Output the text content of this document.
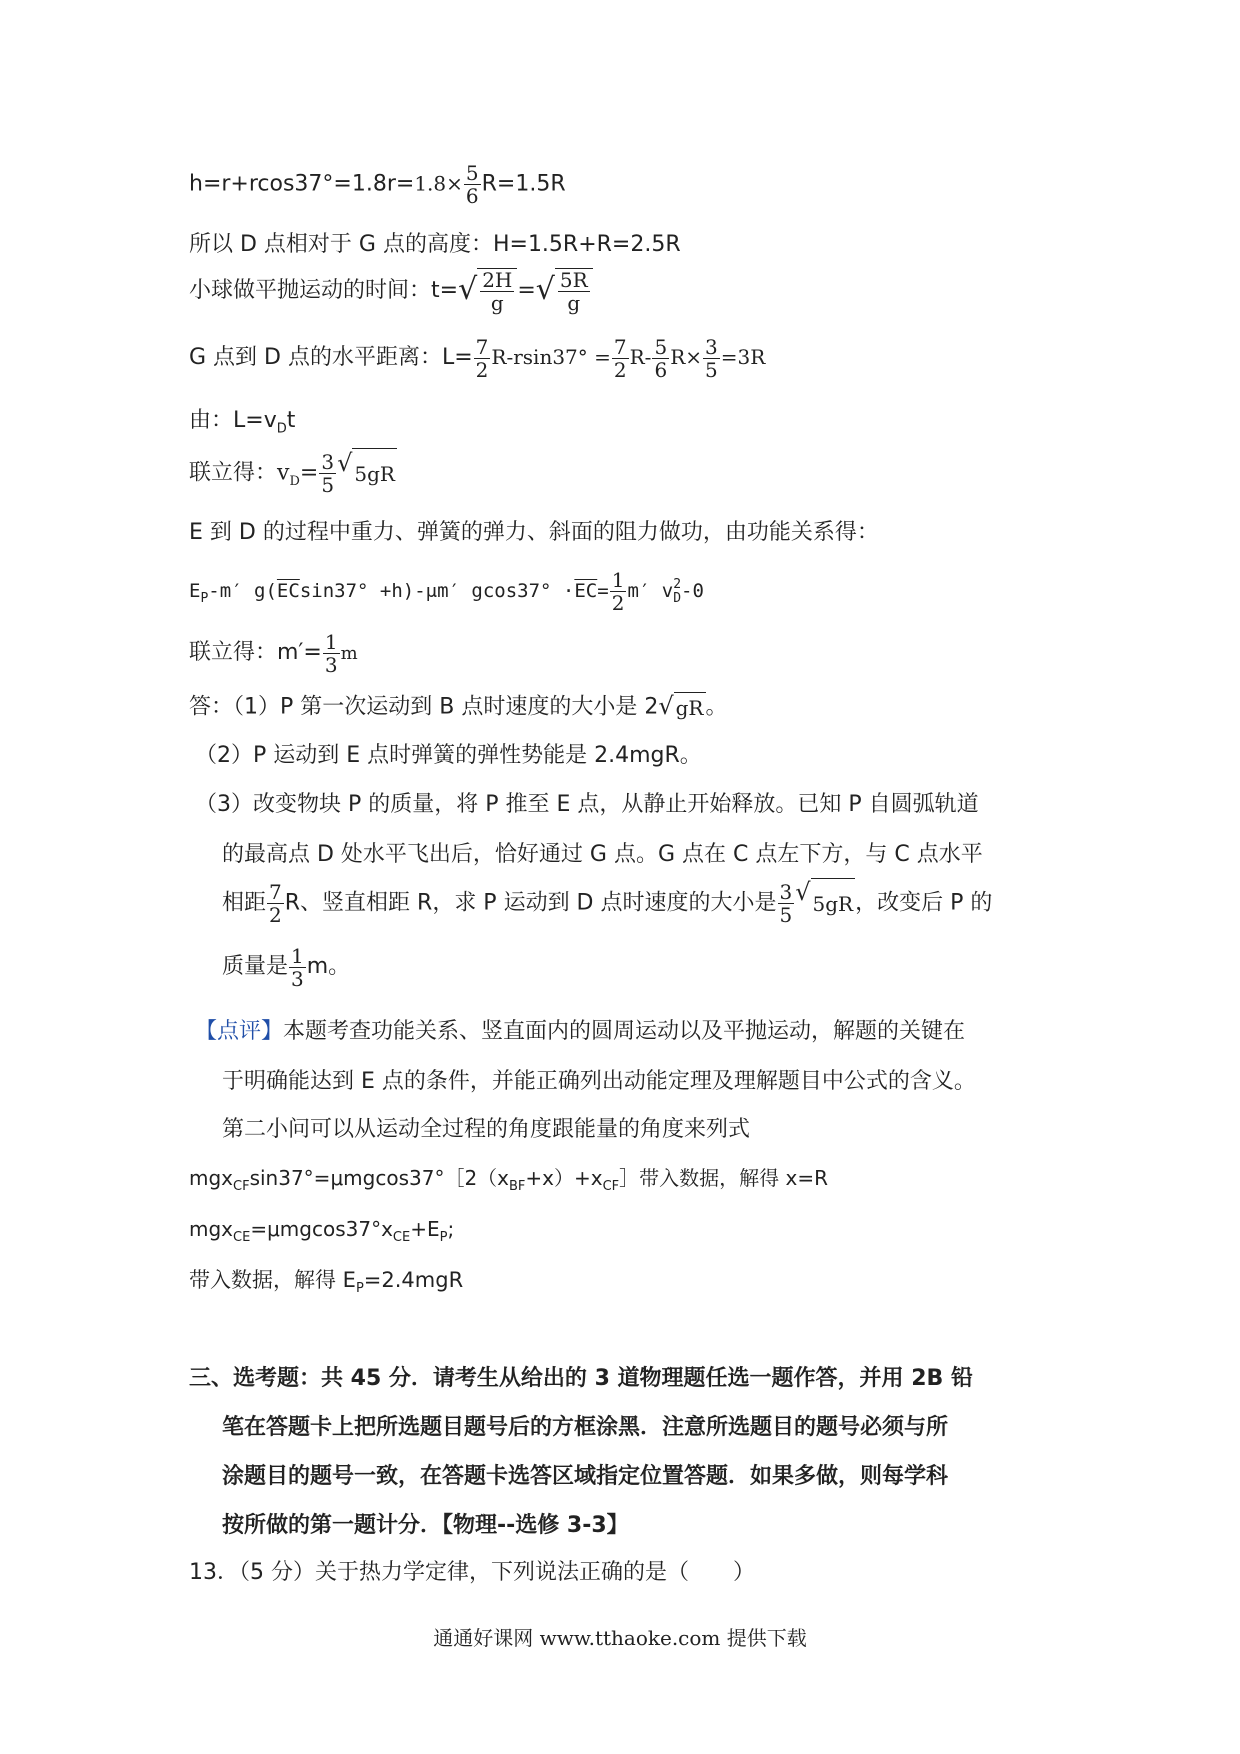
$h=r+rcos37^\circ=1.8r=1.8\times \frac{5}{6} R=1.5R$
所以 D 点相对于 G 点的高度：H=1.5R+R=2.5R
小球做平抛运动的时间：t= √ $\frac{2H}{g}$ = √ $\frac{5R}{g}$
G 点到 D 点的水平距离：$L= \frac{7}{2} R-rsin37^\circ = \frac{7}{2} R- \frac{5}{6} R\times \frac{3}{5} =3R$
由：$L=v_Dt$
联立得：$v_D= \frac{3}{5}$ √ 5gR
E 到 D 的过程中重力、弹簧的弹力、斜面的阻力做功，由功能关系得：
$E_P-m'$ $g(\overline{EC}\sin 37^\circ +h)-\mu m'$ $gcos37^\circ \cdot\overline{EC}= \frac{1}{2} m'$ v 2
D -0
联立得：$m'= \frac{1}{3}$ m
答：（1）P 第一次运动到 B 点时速度的大小是 2 √ gR 。
（2）P 运动到 E 点时弹簧的弹性势能是 2.4mgR。
（3）改变物块 P 的质量，将 P 推至 E 点，从静止开始释放。已知 P 自圆弧轨道
的最高点 D 处水平飞出后，恰好通过 G 点。G 点在 C 点左下方，与 C 点水平
相距 $\frac{7}{2}$ R、竖直相距 R，求 P 运动到 D 点时速度的大小是 $\frac{3}{5}$ √ 5gR ，改变后 P 的
质量是 $\frac{1}{3}$ m。
【点评】本题考查功能关系、竖直面内的圆周运动以及平抛运动，解题的关键在
于明确能达到 E 点的条件，并能正确列出动能定理及理解题目中公式的含义。
第二小问可以从运动全过程的角度跟能量的角度来列式
$mgx_{CF}\sin 37^\circ=\mu mgcos37^\circ[2(x_{BF}+x)+x_{CF}]$带入数据，解得 x=R
$mgx_{CE}=\mu mgcos37^\circ x_{CE}+E_P$;
带入数据，解得 $E_P=2.4mgR$
三、选考题：共 45 分．请考生从给出的 3 道物理题任选一题作答，并用 2B 铅
笔在答题卡上把所选题目题号后的方框涂黑．注意所选题目的题号必须与所
涂题目的题号一致，在答题卡选答区域指定位置答题．如果多做，则每学科
按所做的第一题计分．【物理--选修 3-3】
13．（5 分）关于热力学定律，下列说法正确的是（　　）
通通好课网 www.tthaoke.com 提供下载
